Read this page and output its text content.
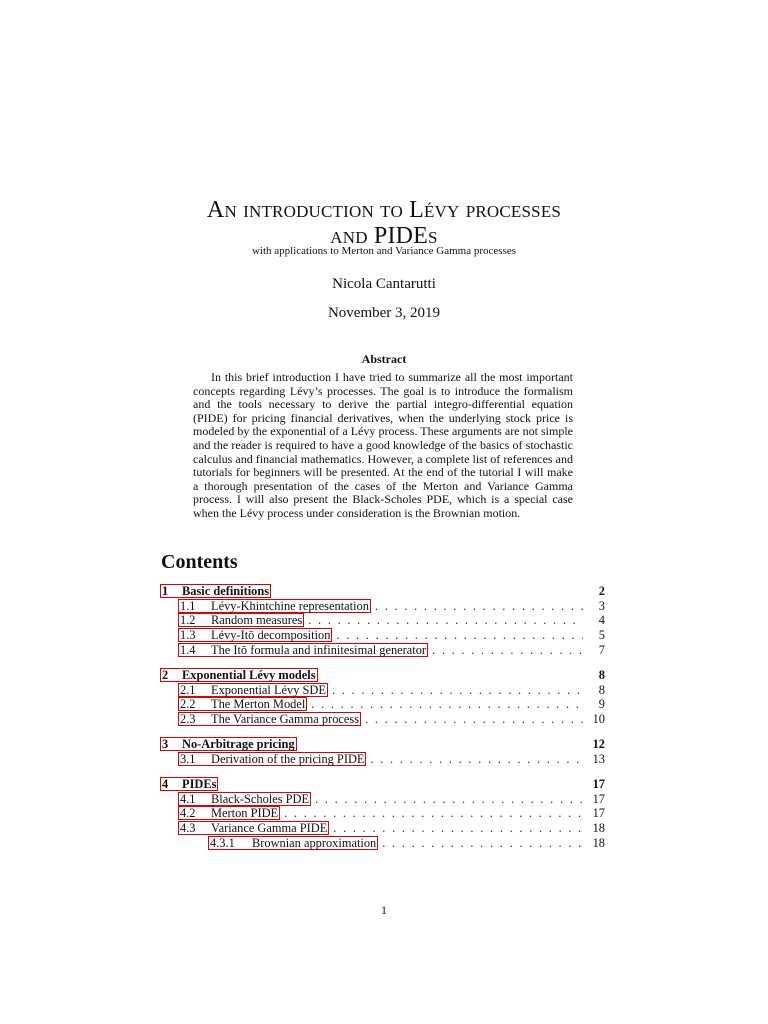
An introduction to Lévy processes
and PIDEs
with applications to Merton and Variance Gamma processes
Nicola Cantarutti
November 3, 2019
Abstract

In this brief introduction I have tried to summarize all the most important concepts regarding Lévy’s processes. The goal is to introduce the formalism and the tools necessary to derive the partial integro-differential equation (PIDE) for pricing financial derivatives, when the underlying stock price is modeled by the exponential of a Lévy process. These arguments are not simple and the reader is required to have a good knowledge of the basics of stochastic calculus and financial mathematics. However, a complete list of references and tutorials for beginners will be presented. At the end of the tutorial I will make a thorough presentation of the cases of the Merton and Variance Gamma process. I will also present the Black-Scholes PDE, which is a special case when the Lévy process under consideration is the Brownian motion.

Contents
1 Basic definitions	2
1.1 Lévy-Khintchine representation . . .	3
1.2 Random measures . . .	4
1.3 Lévy-Itō decomposition . . .	5
1.4 The Itō formula and infinitesimal generator . . .	7
2 Exponential Lévy models	8
2.1 Exponential Lévy SDE . . .	8
2.2 The Merton Model . . .	9
2.3 The Variance Gamma process . . .	10
3 No-Arbitrage pricing	12
3.1 Derivation of the pricing PIDE . . .	13
4 PIDEs	17
4.1 Black-Scholes PDE . . .	17
4.2 Merton PIDE . . .	17
4.3 Variance Gamma PIDE . . .	18
4.3.1 Brownian approximation . . .	18
1
